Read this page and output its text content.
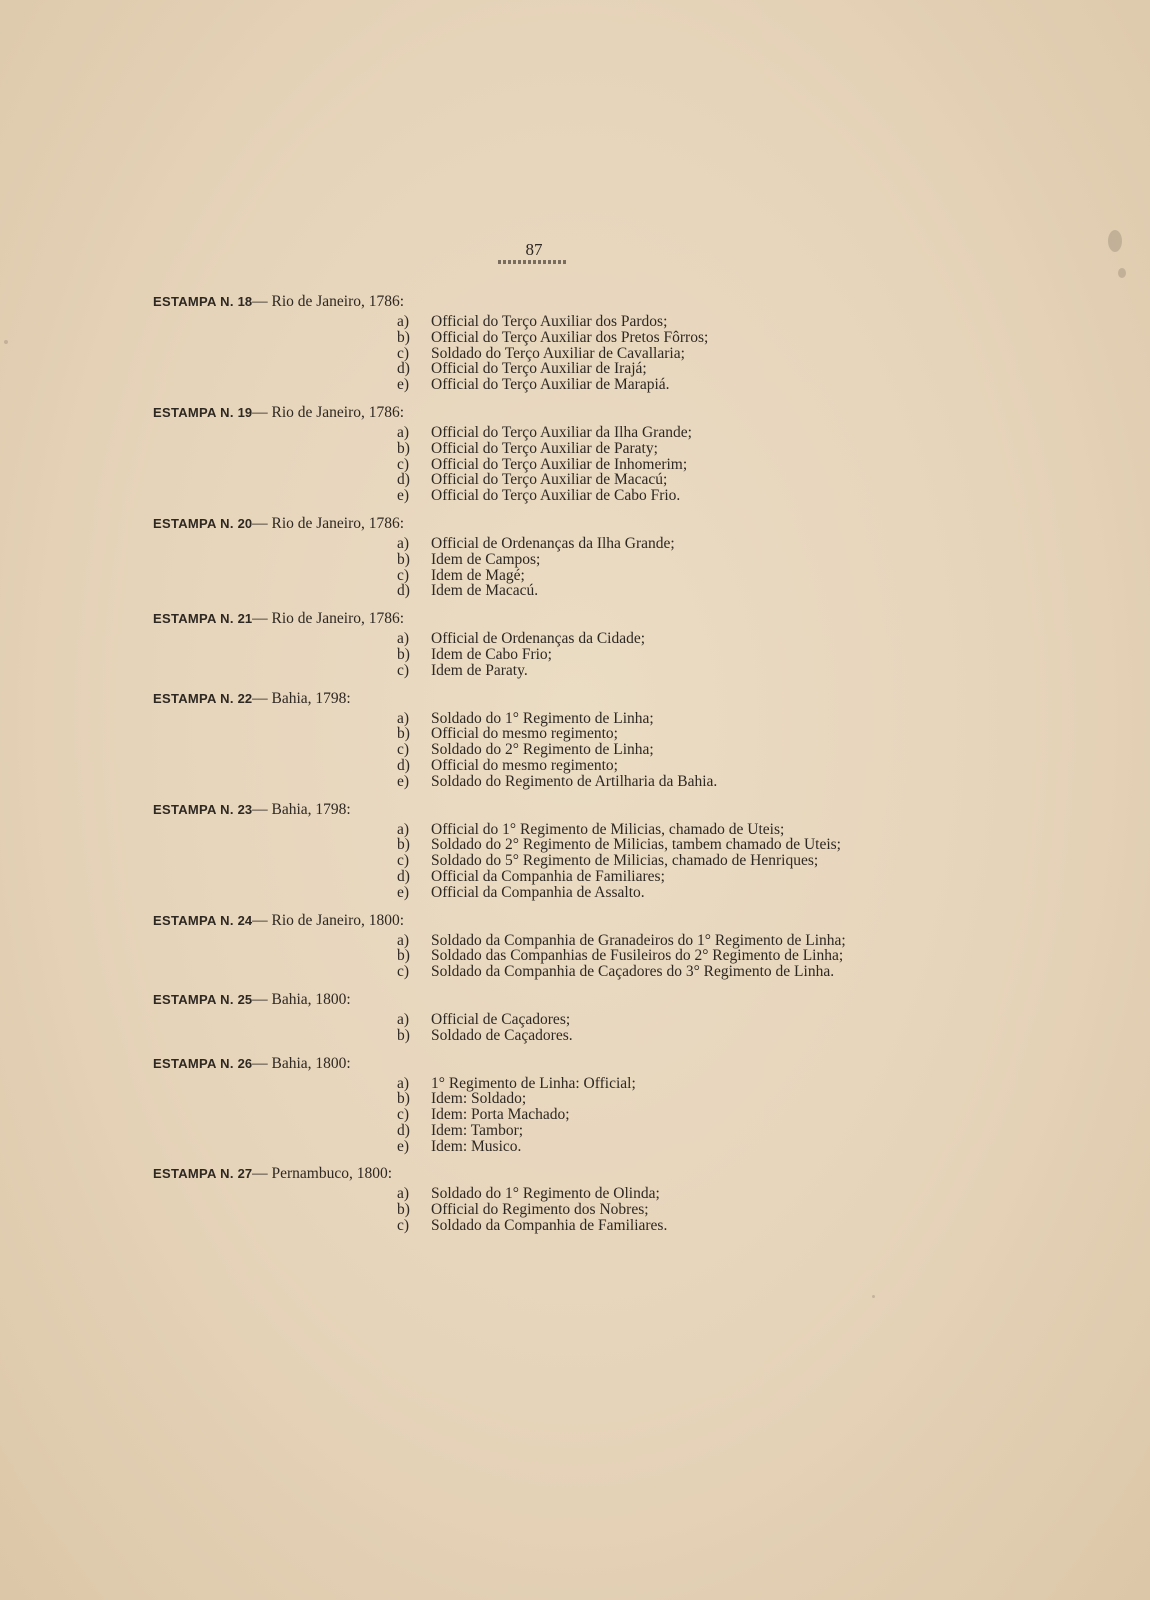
87
ESTAMPA N. 18— Rio de Janeiro, 1786:
a) Official do Terço Auxiliar dos Pardos;
b) Official do Terço Auxiliar dos Pretos Fôrros;
c) Soldado do Terço Auxiliar de Cavallaria;
d) Official do Terço Auxiliar de Irajá;
e) Official do Terço Auxiliar de Marapiá.
ESTAMPA N. 19— Rio de Janeiro, 1786:
a) Official do Terço Auxiliar da Ilha Grande;
b) Official do Terço Auxiliar de Paraty;
c) Official do Terço Auxiliar de Inhomerim;
d) Official do Terço Auxiliar de Macacú;
e) Official do Terço Auxiliar de Cabo Frio.
ESTAMPA N. 20— Rio de Janeiro, 1786:
a) Official de Ordenanças da Ilha Grande;
b) Idem de Campos;
c) Idem de Magé;
d) Idem de Macacú.
ESTAMPA N. 21— Rio de Janeiro, 1786:
a) Official de Ordenanças da Cidade;
b) Idem de Cabo Frio;
c) Idem de Paraty.
ESTAMPA N. 22— Bahia, 1798:
a) Soldado do 1° Regimento de Linha;
b) Official do mesmo regimento;
c) Soldado do 2° Regimento de Linha;
d) Official do mesmo regimento;
e) Soldado do Regimento de Artilharia da Bahia.
ESTAMPA N. 23— Bahia, 1798:
a) Official do 1° Regimento de Milicias, chamado de Uteis;
b) Soldado do 2° Regimento de Milicias, tambem chamado de Uteis;
c) Soldado do 5° Regimento de Milicias, chamado de Henriques;
d) Official da Companhia de Familiares;
e) Official da Companhia de Assalto.
ESTAMPA N. 24— Rio de Janeiro, 1800:
a) Soldado da Companhia de Granadeiros do 1° Regimento de Linha;
b) Soldado das Companhias de Fusileiros do 2° Regimento de Linha;
c) Soldado da Companhia de Caçadores do 3° Regimento de Linha.
ESTAMPA N. 25— Bahia, 1800:
a) Official de Caçadores;
b) Soldado de Caçadores.
ESTAMPA N. 26— Bahia, 1800:
a) 1° Regimento de Linha: Official;
b) Idem: Soldado;
c) Idem: Porta Machado;
d) Idem: Tambor;
e) Idem: Musico.
ESTAMPA N. 27— Pernambuco, 1800:
a) Soldado do 1° Regimento de Olinda;
b) Official do Regimento dos Nobres;
c) Soldado da Companhia de Familiares.
